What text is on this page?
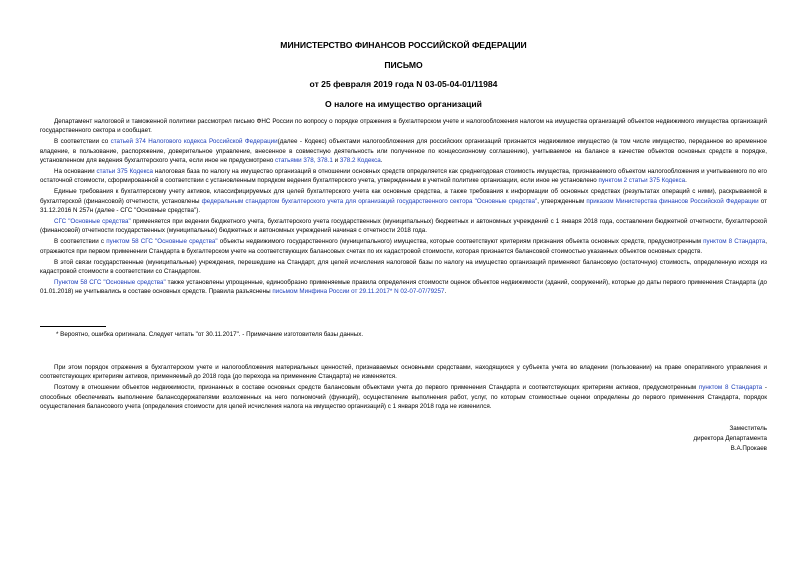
МИНИСТЕРСТВО ФИНАНСОВ РОССИЙСКОЙ ФЕДЕРАЦИИ
ПИСЬМО
от 25 февраля 2019 года N 03-05-04-01/11984
О налоге на имущество организаций

Департамент налоговой и таможенной политики рассмотрел письмо ФНС России по вопросу о порядке отражения в бухгалтерском учете и налогообложения налогом на имущества организаций объектов недвижимого имущества организаций государственного сектора и сообщает.

В соответствии со статьей 374 Налогового кодекса Российской Федерации(далее - Кодекс) объектами налогообложения для российских организаций признается недвижимое имущество (в том числе имущество, переданное во временное владение, в пользование, распоряжение, доверительное управление, внесенное в совместную деятельность или полученное по концессионному соглашению), учитываемое на балансе в качестве объектов основных средств в порядке, установленном для ведения бухгалтерского учета, если иное не предусмотрено статьями 378, 378.1 и 378.2 Кодекса.

На основании статьи 375 Кодекса налоговая база по налогу на имущество организаций в отношении основных средств определяется как среднегодовая стоимость имущества, признаваемого объектом налогообложения и учитываемого по его остаточной стоимости, сформированной в соответствии с установленным порядком ведения бухгалтерского учета, утвержденным в учетной политике организации, если иное не установлено пунктом 2 статьи 375 Кодекса.

Единые требования к бухгалтерскому учету активов, классифицируемых для целей бухгалтерского учета как основные средства, а также требования к информации об основных средствах (результатах операций с ними), раскрываемой в бухгалтерской (финансовой) отчетности, установлены федеральным стандартом бухгалтерского учета для организаций государственного сектора "Основные средства", утвержденным приказом Министерства финансов Российской Федерации от 31.12.2016 N 257н (далее - СГС "Основные средства").

СГС "Основные средства" применяется при ведении бюджетного учета, бухгалтерского учета государственных (муниципальных) бюджетных и автономных учреждений с 1 января 2018 года, составлении бюджетной отчетности, бухгалтерской (финансовой) отчетности государственных (муниципальных) бюджетных и автономных учреждений начиная с отчетности 2018 года.

В соответствии с пунктом 58 СГС "Основные средства" объекты недвижимого государственного (муниципального) имущества, которые соответствуют критериям признания объекта основных средств, предусмотренным пунктом 8 Стандарта, отражаются при первом применении Стандарта в бухгалтерском учете на соответствующих балансовых счетах по их кадастровой стоимости, которая признается балансовой стоимостью указанных объектов основных средств.

В этой связи государственные (муниципальные) учреждения, перешедшие на Стандарт, для целей исчисления налоговой базы по налогу на имущество организаций применяют балансовую (остаточную) стоимость, определенную исходя из кадастровой стоимости в соответствии со Стандартом.

Пунктом 58 СГС "Основные средства" также установлены упрощенные, единообразно применяемые правила определения стоимости оценок объектов недвижимости (зданий, сооружений), которые до даты первого применения Стандарта (до 01.01.2018) не учитывались в составе основных средств. Правила разъяснены письмом Минфина России от 29.11.2017* N 02-07-07/79257.

* Вероятно, ошибка оригинала. Следует читать "от 30.11.2017". - Примечание изготовителя базы данных.

При этом порядок отражения в бухгалтерском учете и налогообложения материальных ценностей, признаваемых основными средствами, находящихся у субъекта учета во владении (пользовании) на праве оперативного управления и соответствующих критериям активов, применяемый до 2018 года (до перехода на применение Стандарта) не изменяется.

Поэтому в отношении объектов недвижимости, признанных в составе основных средств балансовым объектами учета до первого применения Стандарта и соответствующих критериям активов, предусмотренным пунктом 8 Стандарта - способных обеспечивать выполнение балансодержателями возложенных на него полномочий (функций), осуществление выполнения работ, услуг, по которым стоимостные оценки определены до первого применения Стандарта, порядок осуществления балансового учета (определения стоимости для целей исчисления налога на имущество организаций) с 1 января 2018 года не изменился.

Заместитель
директора Департамента
В.А.Прокаев
